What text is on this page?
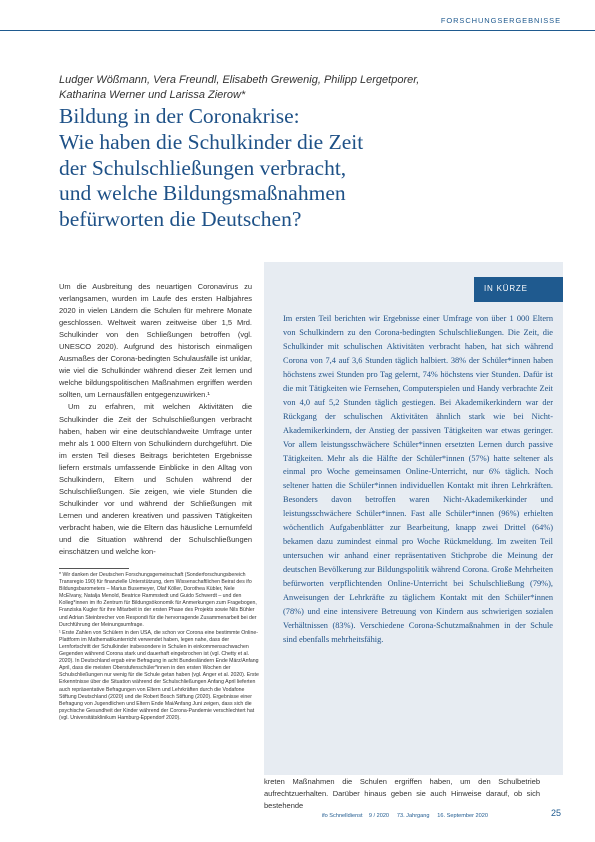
FORSCHUNGSERGEBNISSE
Ludger Wößmann, Vera Freundl, Elisabeth Grewenig, Philipp Lergetporer,
Katharina Werner und Larissa Zierow*
Bildung in der Coronakrise:
Wie haben die Schulkinder die Zeit
der Schulschließungen verbracht,
und welche Bildungsmaßnahmen
befürworten die Deutschen?

Um die Ausbreitung des neuartigen Coronavirus zu verlangsamen, wurden im Laufe des ersten Halbjahres 2020 in vielen Ländern die Schulen für mehrere Monate geschlossen. Weltweit waren zeitweise über 1,5 Mrd. Schulkinder von den Schließungen betroffen (vgl. UNESCO 2020). Aufgrund des historisch einmaligen Ausmaßes der Corona-bedingten Schulausfälle ist unklar, wie viel die Schulkinder während dieser Zeit lernen und welche bildungspolitischen Maßnahmen ergriffen werden sollten, um Lernausfällen entgegenzuwirken.¹

Um zu erfahren, mit welchen Aktivitäten die Schulkinder die Zeit der Schulschließungen verbracht haben, haben wir eine deutschlandweite Umfrage unter mehr als 1 000 Eltern von Schulkindern durchgeführt. Die im ersten Teil dieses Beitrags berichteten Ergebnisse liefern erstmals umfassende Einblicke in den Alltag von Schulkindern, Eltern und Schulen während der Schulschließungen. Sie zeigen, wie viele Stunden die Schulkinder vor und während der Schließungen mit Lernen und anderen kreativen und passiven Tätigkeiten verbracht haben, wie die Eltern das häusliche Lernumfeld und die Situation während der Schulschließungen einschätzen und welche kon-

* Wir danken der Deutschen Forschungsgemeinschaft (Sonderforschungsbereich Transregio 190) für finanzielle Unterstützung, dem Wissenschaftlichen Beirat des ifo Bildungsbarometers – Marius Busemeyer, Olaf Köller, Dorothea Kübler, Nele McElvany, Natalja Menold, Beatrice Rammstedt und Guido Schwerdt – und den Kolleg*innen im ifo Zentrum für Bildungsökonomik für Anmerkungen zum Fragebogen, Franziska Kugler für ihre Mitarbeit in der ersten Phase des Projekts sowie Nils Bühler und Adrian Steinbrecher von Respondi für die hervorragende Zusammenarbeit bei der Durchführung der Meinungsumfrage.

¹ Erste Zahlen von Schülern in den USA, die schon vor Corona eine bestimmte Online-Plattform im Mathematikunterricht verwendet haben, legen nahe, dass der Lernfortschritt der Schulkinder insbesondere in Schulen in einkommensschwachen Gegenden während Corona stark und dauerhaft eingebrochen ist (vgl. Chetty et al. 2020). In Deutschland ergab eine Befragung in acht Bundesländern Ende März/Anfang April, dass die meisten Oberstufenschüler*innen in den ersten Wochen der Schulschließungen nur wenig für die Schule getan haben (vgl. Anger et al. 2020). Erste Erkenntnisse über die Situation während der Schulschließungen Anfang April lieferten auch repräsentative Befragungen von Eltern und Lehrkräften durch die Vodafone Stiftung Deutschland (2020) und die Robert Bosch Stiftung (2020). Ergebnisse einer Befragung von Jugendlichen und Eltern Ende Mai/Anfang Juni zeigen, dass sich die psychische Gesundheit der Kinder während der Corona-Pandemie verschlechtert hat (vgl. Universitätsklinikum Hamburg-Eppendorf 2020).

IN KÜRZE
Im ersten Teil berichten wir Ergebnisse einer Umfrage von über 1 000 Eltern von Schulkindern zu den Corona-bedingten Schulschließungen. Die Zeit, die Schulkinder mit schulischen Aktivitäten verbracht haben, hat sich während Corona von 7,4 auf 3,6 Stunden täglich halbiert. 38% der Schüler*innen haben höchstens zwei Stunden pro Tag gelernt, 74% höchstens vier Stunden. Dafür ist die mit Tätigkeiten wie Fernsehen, Computerspielen und Handy verbrachte Zeit von 4,0 auf 5,2 Stunden täglich gestiegen. Bei Akademikerkindern war der Rückgang der schulischen Aktivitäten ähnlich stark wie bei Nicht-Akademikerkindern, der Anstieg der passiven Tätigkeiten war etwas geringer. Vor allem leistungsschwächere Schüler*innen ersetzten Lernen durch passive Tätigkeiten. Mehr als die Hälfte der Schüler*innen (57%) hatte seltener als einmal pro Woche gemeinsamen Online-Unterricht, nur 6% täglich. Noch seltener hatten die Schüler*innen individuellen Kontakt mit ihren Lehrkräften. Besonders davon betroffen waren Nicht-Akademikerkinder und leistungsschwächere Schüler*innen. Fast alle Schüler*innen (96%) erhielten wöchentlich Aufgabenblätter zur Bearbeitung, knapp zwei Drittel (64%) bekamen dazu zumindest einmal pro Woche Rückmeldung. Im zweiten Teil untersuchen wir anhand einer repräsentativen Stichprobe die Meinung der deutschen Bevölkerung zur Bildungspolitik während Corona. Große Mehrheiten befürworten verpflichtenden Online-Unterricht bei Schulschließung (79%), Anweisungen der Lehrkräfte zu täglichem Kontakt mit den Schüler*innen (78%) und eine intensivere Betreuung von Kindern aus schwierigen sozialen Verhältnissen (83%). Verschiedene Corona-Schutzmaßnahmen in der Schule sind ebenfalls mehrheitsfähig.
kreten Maßnahmen die Schulen ergriffen haben, um den Schulbetrieb aufrechtzuerhalten. Darüber hinaus geben sie auch Hinweise darauf, ob sich bestehende
ifo Schnelldienst 9 / 2020 73. Jahrgang 16. September 2020	25
